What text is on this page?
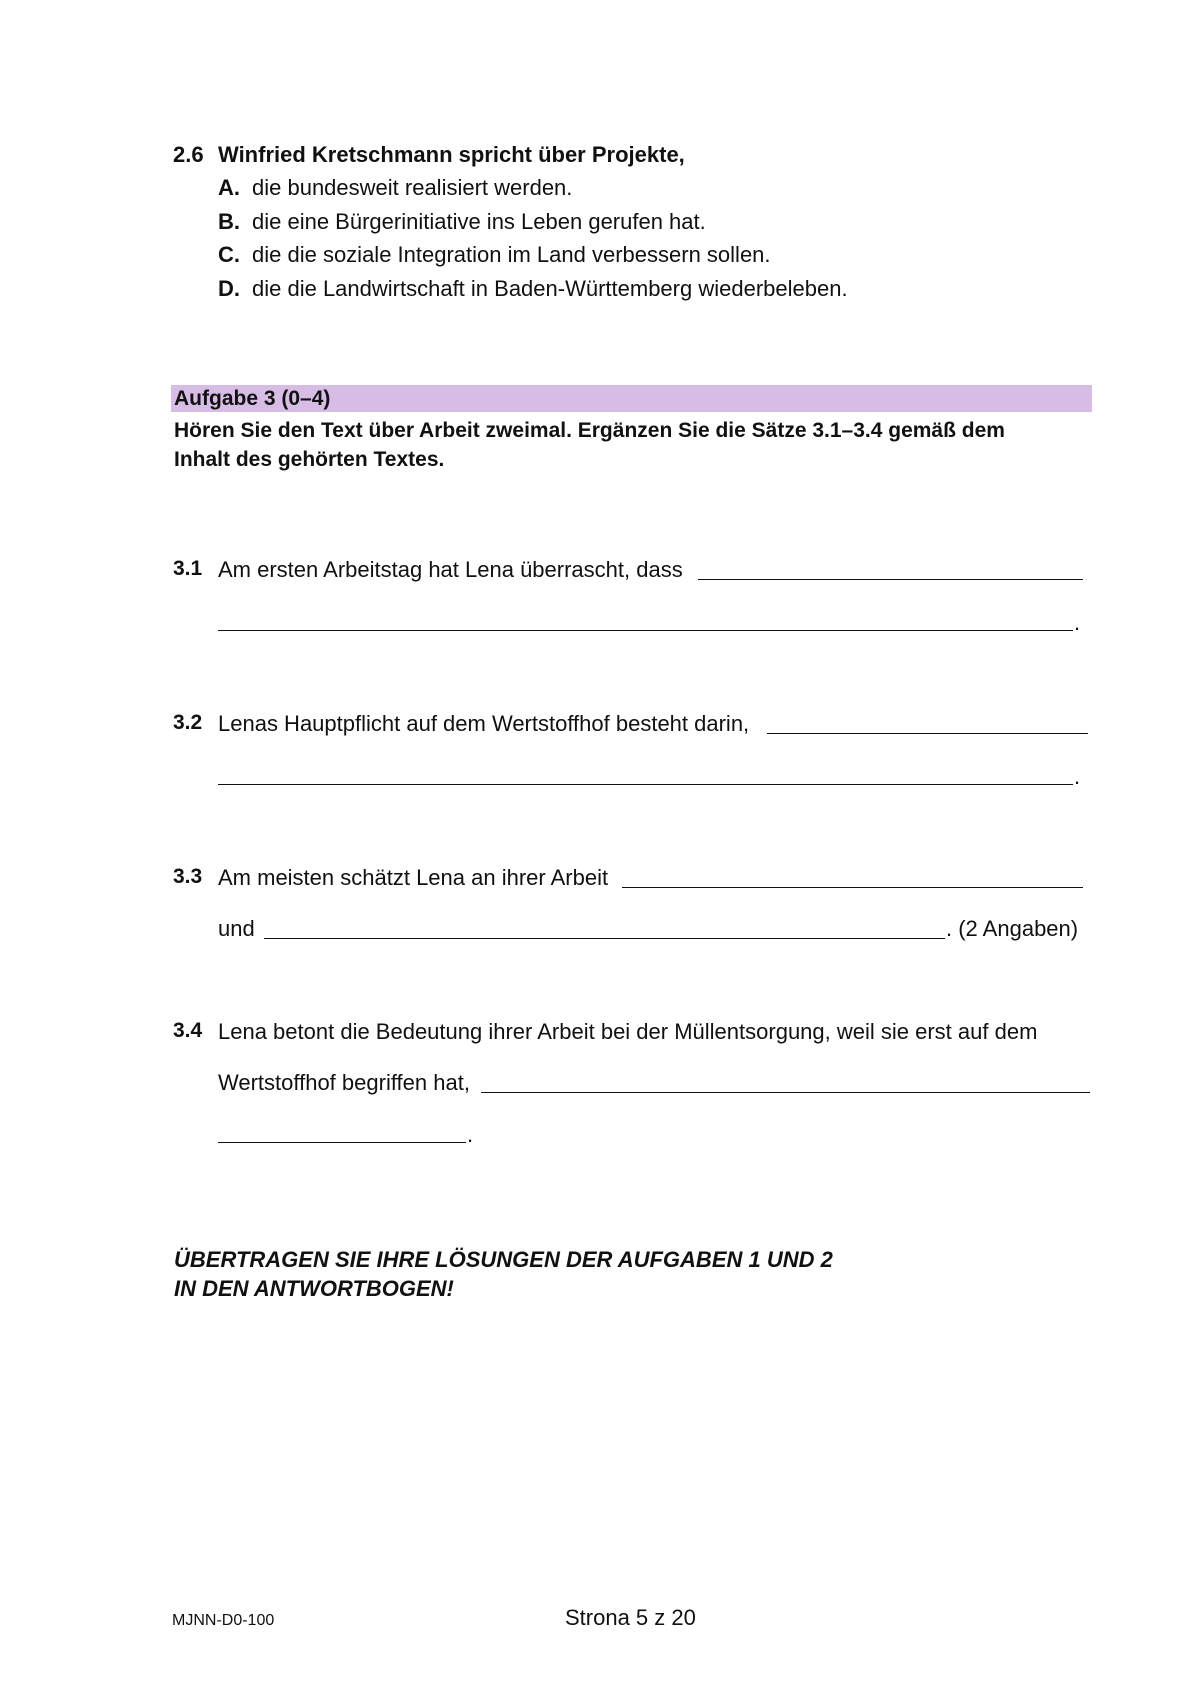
2.6 Winfried Kretschmann spricht über Projekte,
A. die bundesweit realisiert werden.
B. die eine Bürgerinitiative ins Leben gerufen hat.
C. die die soziale Integration im Land verbessern sollen.
D. die die Landwirtschaft in Baden-Württemberg wiederbeleben.
Aufgabe 3 (0–4)
Hören Sie den Text über Arbeit zweimal. Ergänzen Sie die Sätze 3.1–3.4 gemäß dem Inhalt des gehörten Textes.
3.1 Am ersten Arbeitstag hat Lena überrascht, dass
.
3.2 Lenas Hauptpflicht auf dem Wertstoffhof besteht darin,
.
3.3 Am meisten schätzt Lena an ihrer Arbeit
und	. (2 Angaben)
3.4 Lena betont die Bedeutung ihrer Arbeit bei der Müllentsorgung, weil sie erst auf dem
Wertstoffhof begriffen hat,
.
ÜBERTRAGEN SIE IHRE LÖSUNGEN DER AUFGABEN 1 UND 2
IN DEN ANTWORTBOGEN!
MJNN-D0-100	Strona 5 z 20
